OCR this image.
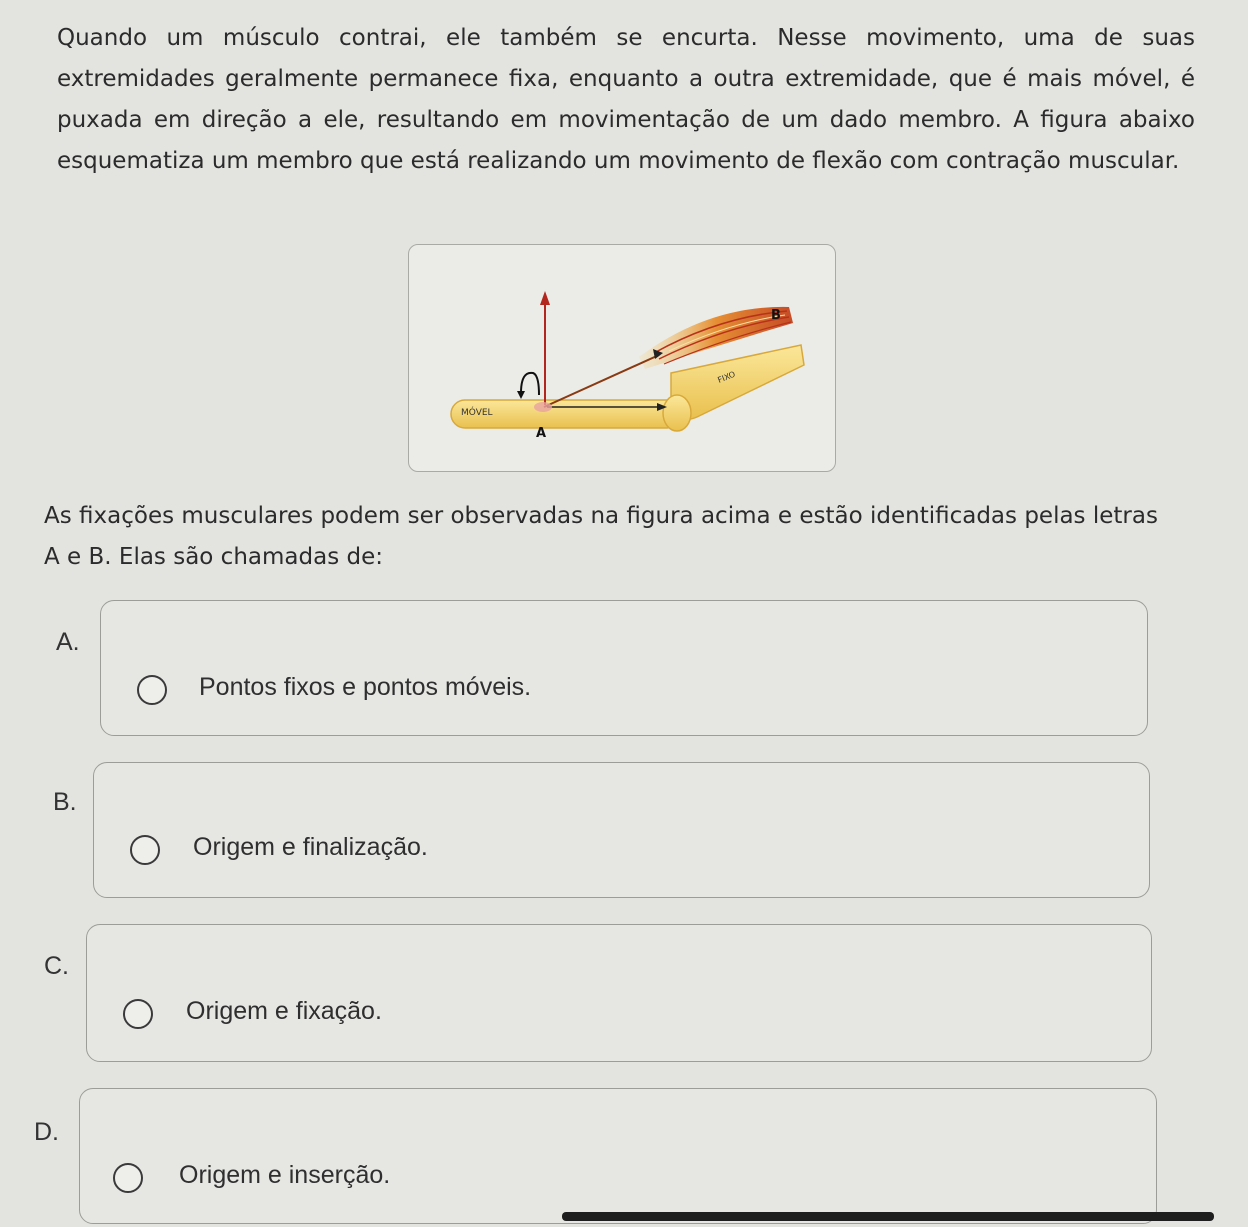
Quando um músculo contrai, ele também se encurta. Nesse movimento, uma de suas extremidades geralmente permanece fixa, enquanto a outra extremidade, que é mais móvel, é puxada em direção a ele, resultando em movimentação de um dado membro. A figura abaixo esquematiza um membro que está realizando um movimento de flexão com contração muscular.

B
A
FIXO
MÓVEL

As fixações musculares podem ser observadas na figura acima e estão identificadas pelas letras A e B. Elas são chamadas de:

A.
Pontos fixos e pontos móveis.
B.
Origem e finalização.
C.
Origem e fixação.
D.
Origem e inserção.
